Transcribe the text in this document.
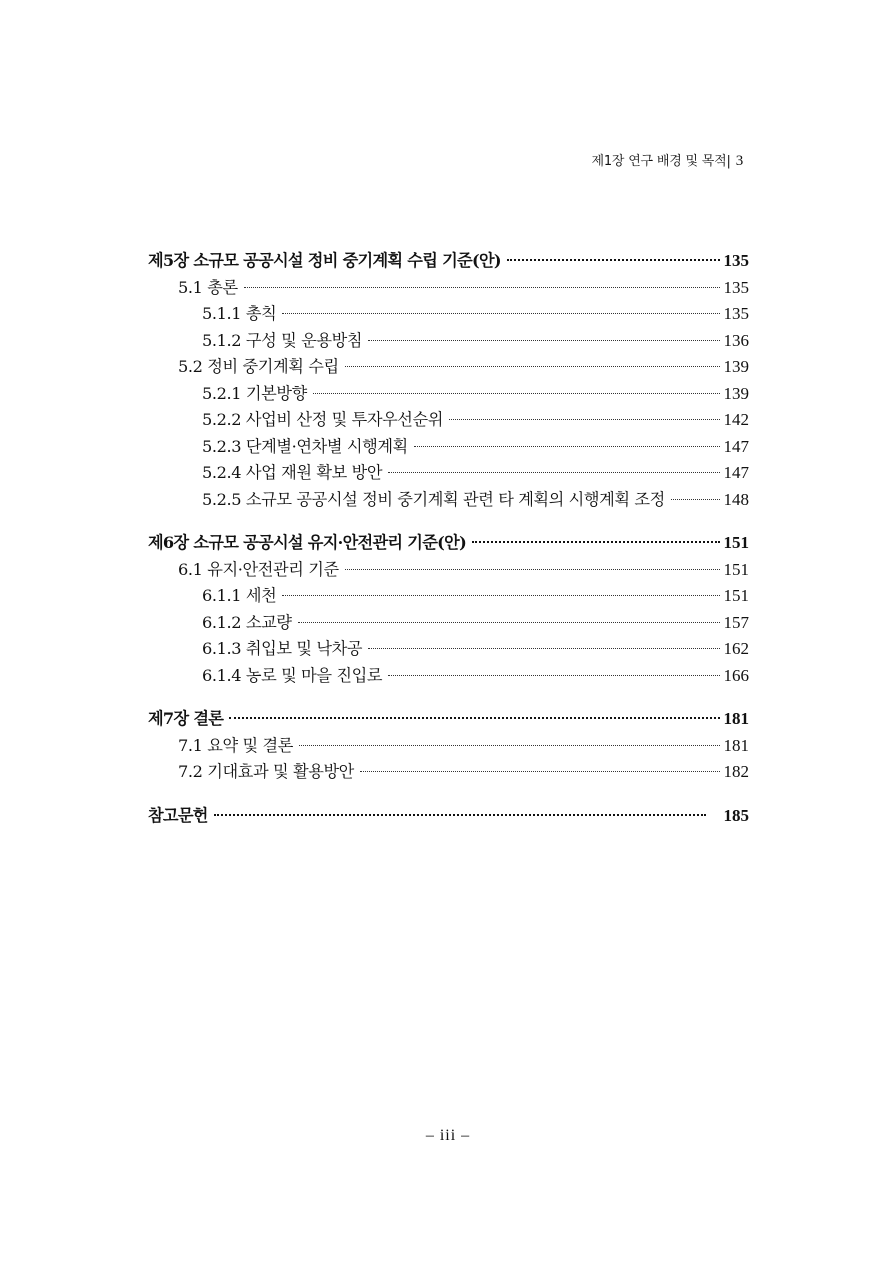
제1장 연구 배경 및 목적| 3
제5장 소규모 공공시설 정비 중기계획 수립 기준(안)	135
5.1 총론	135
5.1.1 총칙	135
5.1.2 구성 및 운용방침	136
5.2 정비 중기계획 수립	139
5.2.1 기본방향	139
5.2.2 사업비 산정 및 투자우선순위	142
5.2.3 단계별·연차별 시행계획	147
5.2.4 사업 재원 확보 방안	147
5.2.5 소규모 공공시설 정비 중기계획 관련 타 계획의 시행계획 조정	148
제6장 소규모 공공시설 유지·안전관리 기준(안)	151
6.1 유지·안전관리 기준	151
6.1.1 세천	151
6.1.2 소교량	157
6.1.3 취입보 및 낙차공	162
6.1.4 농로 및 마을 진입로	166
제7장 결론	181
7.1 요약 및 결론	181
7.2 기대효과 및 활용방안	182
참고문헌	185
– iii –
